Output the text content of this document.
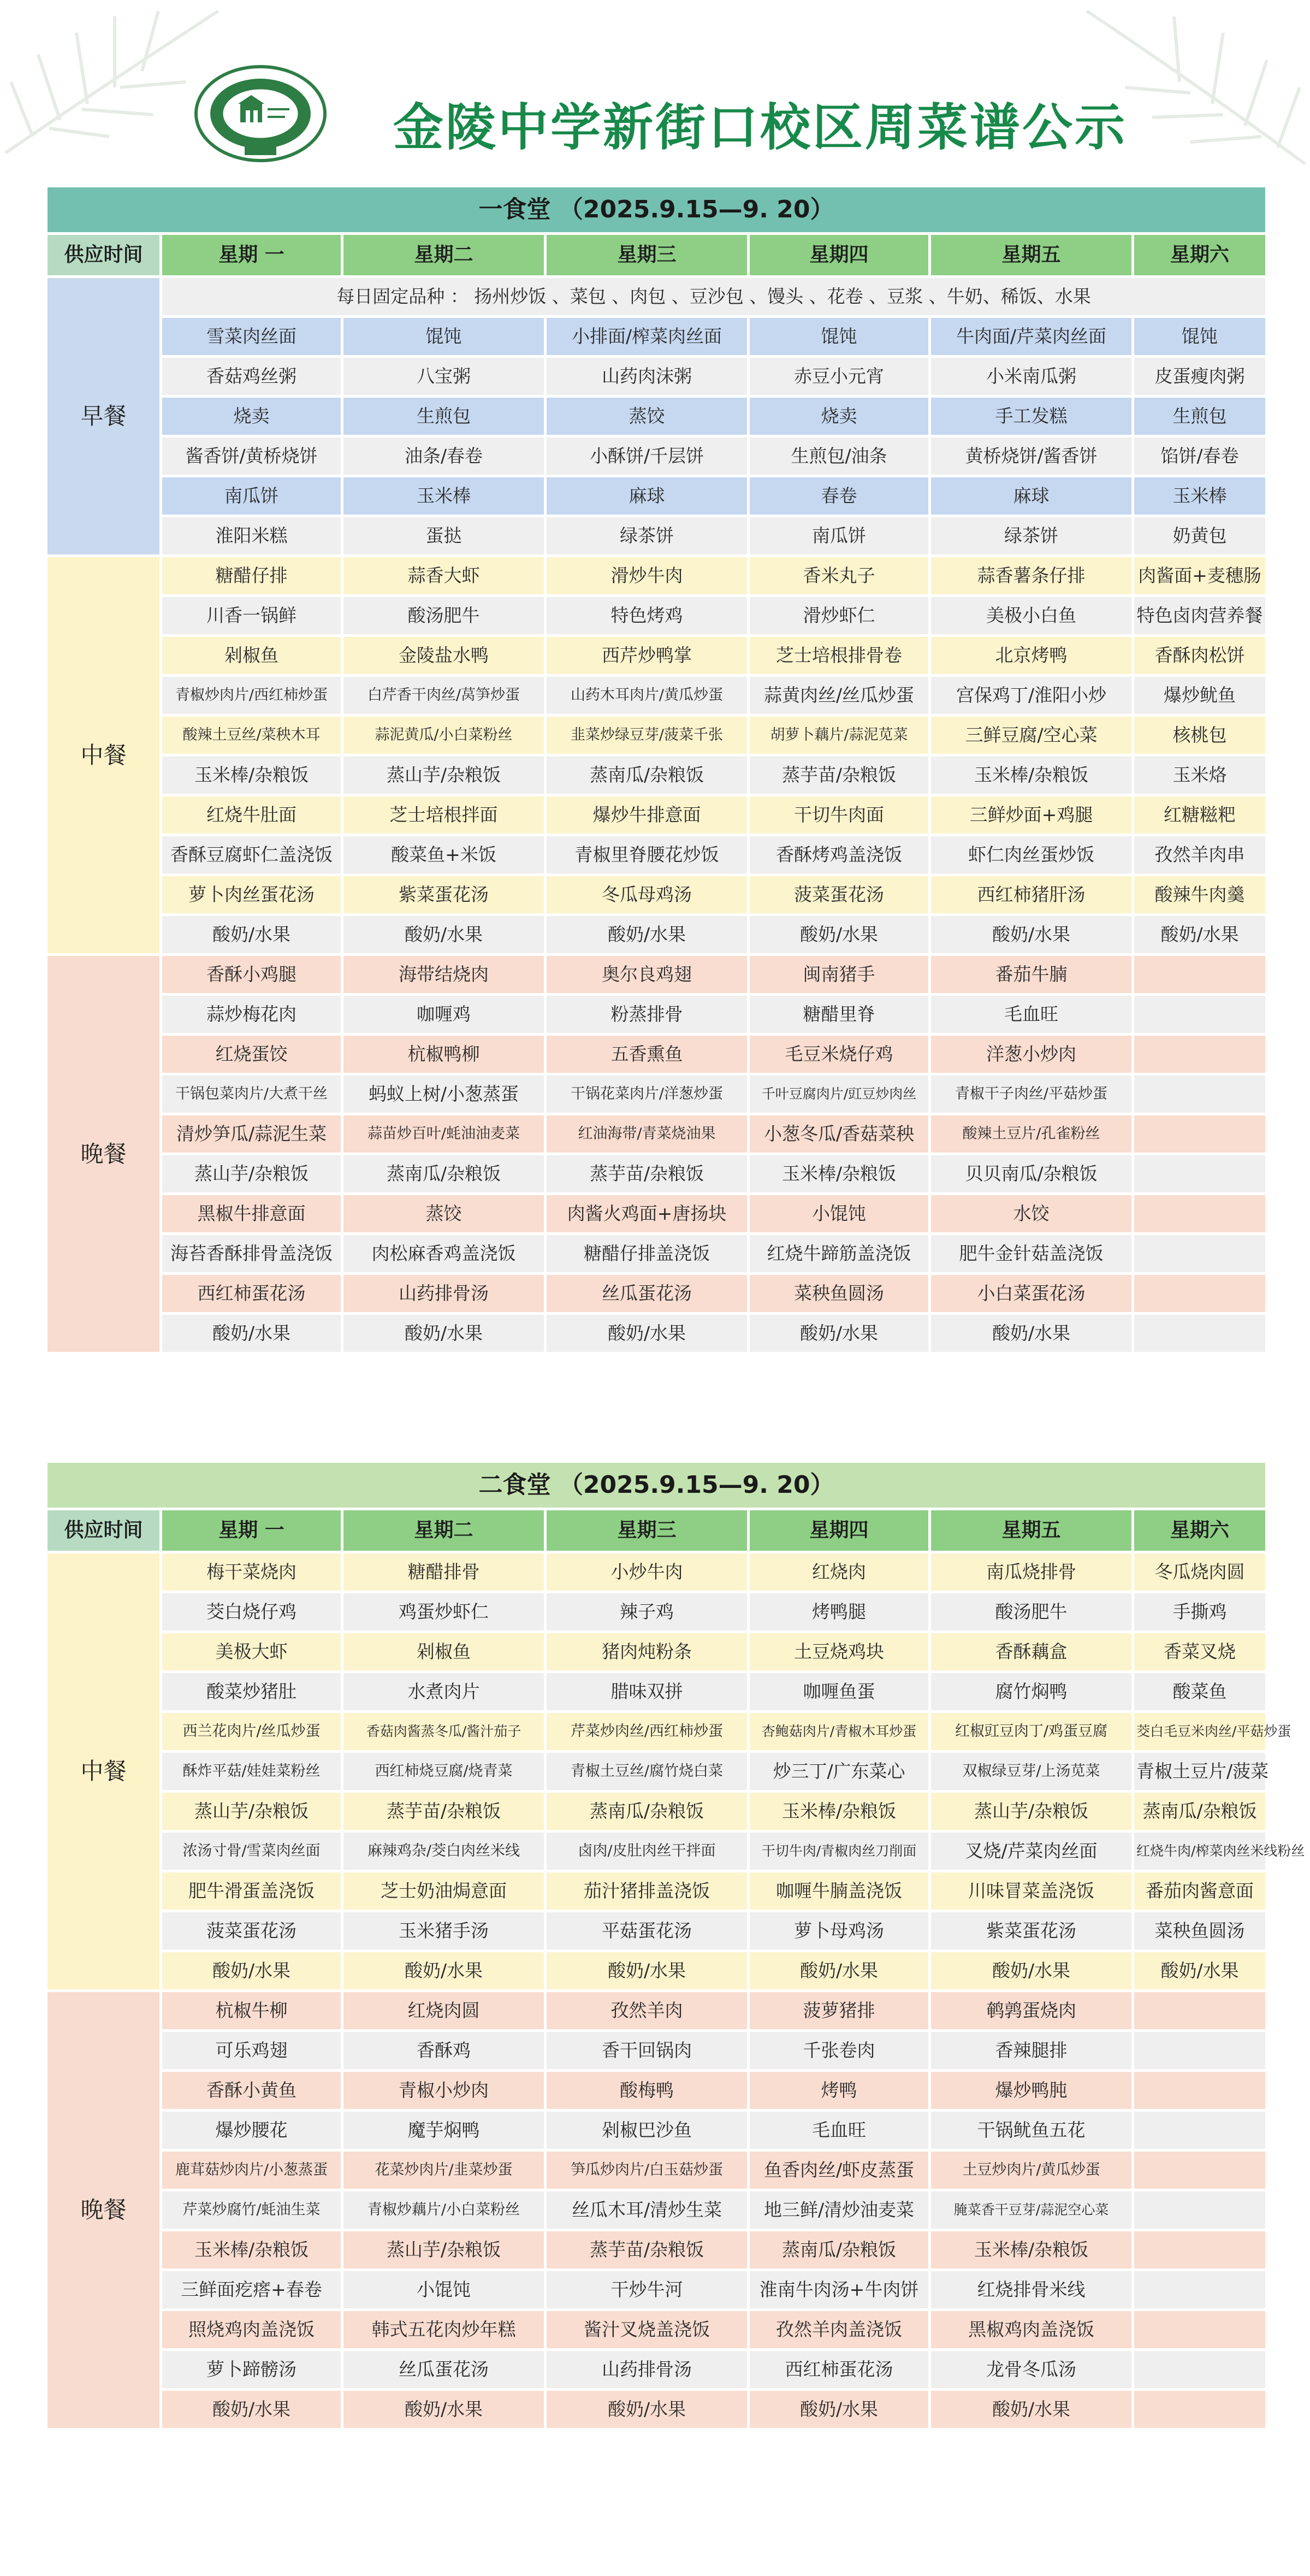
金陵中学新街口校区周菜谱公示
一食堂 （2025.9.15—9. 20）						
供应时间	星期 一	星期二	星期三	星期四	星期五	星期六
早餐	每日固定品种 ： 扬州炒饭 、菜包 、肉包 、豆沙包 、馒头 、花卷 、豆浆 、牛奶、稀饭、水果					
	雪菜肉丝面	馄饨	小排面/榨菜肉丝面	馄饨	牛肉面/芹菜肉丝面	馄饨
	香菇鸡丝粥	八宝粥	山药肉沫粥	赤豆小元宵	小米南瓜粥	皮蛋瘦肉粥
	烧卖	生煎包	蒸饺	烧卖	手工发糕	生煎包
	酱香饼/黄桥烧饼	油条/春卷	小酥饼/千层饼	生煎包/油条	黄桥烧饼/酱香饼	馅饼/春卷
	南瓜饼	玉米棒	麻球	春卷	麻球	玉米棒
	淮阳米糕	蛋挞	绿茶饼	南瓜饼	绿茶饼	奶黄包
中餐	糖醋仔排	蒜香大虾	滑炒牛肉	香米丸子	蒜香薯条仔排	肉酱面+麦穗肠
	川香一锅鲜	酸汤肥牛	特色烤鸡	滑炒虾仁	美极小白鱼	特色卤肉营养餐
	剁椒鱼	金陵盐水鸭	西芹炒鸭掌	芝士培根排骨卷	北京烤鸭	香酥肉松饼
	青椒炒肉片/西红柿炒蛋	白芹香干肉丝/莴笋炒蛋	山药木耳肉片/黄瓜炒蛋	蒜黄肉丝/丝瓜炒蛋	宫保鸡丁/淮阳小炒	爆炒鱿鱼
	酸辣土豆丝/菜秧木耳	蒜泥黄瓜/小白菜粉丝	韭菜炒绿豆芽/菠菜千张	胡萝卜藕片/蒜泥苋菜	三鲜豆腐/空心菜	核桃包
	玉米棒/杂粮饭	蒸山芋/杂粮饭	蒸南瓜/杂粮饭	蒸芋苗/杂粮饭	玉米棒/杂粮饭	玉米烙
	红烧牛肚面	芝士培根拌面	爆炒牛排意面	干切牛肉面	三鲜炒面+鸡腿	红糖糍粑
	香酥豆腐虾仁盖浇饭	酸菜鱼+米饭	青椒里脊腰花炒饭	香酥烤鸡盖浇饭	虾仁肉丝蛋炒饭	孜然羊肉串
	萝卜肉丝蛋花汤	紫菜蛋花汤	冬瓜母鸡汤	菠菜蛋花汤	西红柿猪肝汤	酸辣牛肉羹
	酸奶/水果	酸奶/水果	酸奶/水果	酸奶/水果	酸奶/水果	酸奶/水果
晚餐	香酥小鸡腿	海带结烧肉	奥尔良鸡翅	闽南猪手	番茄牛腩	
	蒜炒梅花肉	咖喱鸡	粉蒸排骨	糖醋里脊	毛血旺	
	红烧蛋饺	杭椒鸭柳	五香熏鱼	毛豆米烧仔鸡	洋葱小炒肉	
	干锅包菜肉片/大煮干丝	蚂蚁上树/小葱蒸蛋	干锅花菜肉片/洋葱炒蛋	千叶豆腐肉片/豇豆炒肉丝	青椒干子肉丝/平菇炒蛋	
	清炒笋瓜/蒜泥生菜	蒜苗炒百叶/蚝油油麦菜	红油海带/青菜烧油果	小葱冬瓜/香菇菜秧	酸辣土豆片/孔雀粉丝	
	蒸山芋/杂粮饭	蒸南瓜/杂粮饭	蒸芋苗/杂粮饭	玉米棒/杂粮饭	贝贝南瓜/杂粮饭	
	黑椒牛排意面	蒸饺	肉酱火鸡面+唐扬块	小馄饨	水饺	
	海苔香酥排骨盖浇饭	肉松麻香鸡盖浇饭	糖醋仔排盖浇饭	红烧牛蹄筋盖浇饭	肥牛金针菇盖浇饭	
	西红柿蛋花汤	山药排骨汤	丝瓜蛋花汤	菜秧鱼圆汤	小白菜蛋花汤	
	酸奶/水果	酸奶/水果	酸奶/水果	酸奶/水果	酸奶/水果	
二食堂 （2025.9.15—9. 20）						
供应时间	星期 一	星期二	星期三	星期四	星期五	星期六
中餐	梅干菜烧肉	糖醋排骨	小炒牛肉	红烧肉	南瓜烧排骨	冬瓜烧肉圆
	茭白烧仔鸡	鸡蛋炒虾仁	辣子鸡	烤鸭腿	酸汤肥牛	手撕鸡
	美极大虾	剁椒鱼	猪肉炖粉条	土豆烧鸡块	香酥藕盒	香菜叉烧
	酸菜炒猪肚	水煮肉片	腊味双拼	咖喱鱼蛋	腐竹焖鸭	酸菜鱼
	西兰花肉片/丝瓜炒蛋	香菇肉酱蒸冬瓜/酱汁茄子	芹菜炒肉丝/西红柿炒蛋	杏鲍菇肉片/青椒木耳炒蛋	红椒豇豆肉丁/鸡蛋豆腐	茭白毛豆米肉丝/平菇炒蛋
	酥炸平菇/娃娃菜粉丝	西红柿烧豆腐/烧青菜	青椒土豆丝/腐竹烧白菜	炒三丁/广东菜心	双椒绿豆芽/上汤苋菜	青椒土豆片/菠菜
	蒸山芋/杂粮饭	蒸芋苗/杂粮饭	蒸南瓜/杂粮饭	玉米棒/杂粮饭	蒸山芋/杂粮饭	蒸南瓜/杂粮饭
	浓汤寸骨/雪菜肉丝面	麻辣鸡杂/茭白肉丝米线	卤肉/皮肚肉丝干拌面	干切牛肉/青椒肉丝刀削面	叉烧/芹菜肉丝面	红烧牛肉/榨菜肉丝米线粉丝
	肥牛滑蛋盖浇饭	芝士奶油焗意面	茄汁猪排盖浇饭	咖喱牛腩盖浇饭	川味冒菜盖浇饭	番茄肉酱意面
	菠菜蛋花汤	玉米猪手汤	平菇蛋花汤	萝卜母鸡汤	紫菜蛋花汤	菜秧鱼圆汤
	酸奶/水果	酸奶/水果	酸奶/水果	酸奶/水果	酸奶/水果	酸奶/水果
晚餐	杭椒牛柳	红烧肉圆	孜然羊肉	菠萝猪排	鹌鹑蛋烧肉	
	可乐鸡翅	香酥鸡	香干回锅肉	千张卷肉	香辣腿排	
	香酥小黄鱼	青椒小炒肉	酸梅鸭	烤鸭	爆炒鸭肫	
	爆炒腰花	魔芋焖鸭	剁椒巴沙鱼	毛血旺	干锅鱿鱼五花	
	鹿茸菇炒肉片/小葱蒸蛋	花菜炒肉片/韭菜炒蛋	笋瓜炒肉片/白玉菇炒蛋	鱼香肉丝/虾皮蒸蛋	土豆炒肉片/黄瓜炒蛋	
	芹菜炒腐竹/蚝油生菜	青椒炒藕片/小白菜粉丝	丝瓜木耳/清炒生菜	地三鲜/清炒油麦菜	腌菜香干豆芽/蒜泥空心菜	
	玉米棒/杂粮饭	蒸山芋/杂粮饭	蒸芋苗/杂粮饭	蒸南瓜/杂粮饭	玉米棒/杂粮饭	
	三鲜面疙瘩+春卷	小馄饨	干炒牛河	淮南牛肉汤+牛肉饼	红烧排骨米线	
	照烧鸡肉盖浇饭	韩式五花肉炒年糕	酱汁叉烧盖浇饭	孜然羊肉盖浇饭	黑椒鸡肉盖浇饭	
	萝卜蹄髈汤	丝瓜蛋花汤	山药排骨汤	西红柿蛋花汤	龙骨冬瓜汤	
	酸奶/水果	酸奶/水果	酸奶/水果	酸奶/水果	酸奶/水果	
